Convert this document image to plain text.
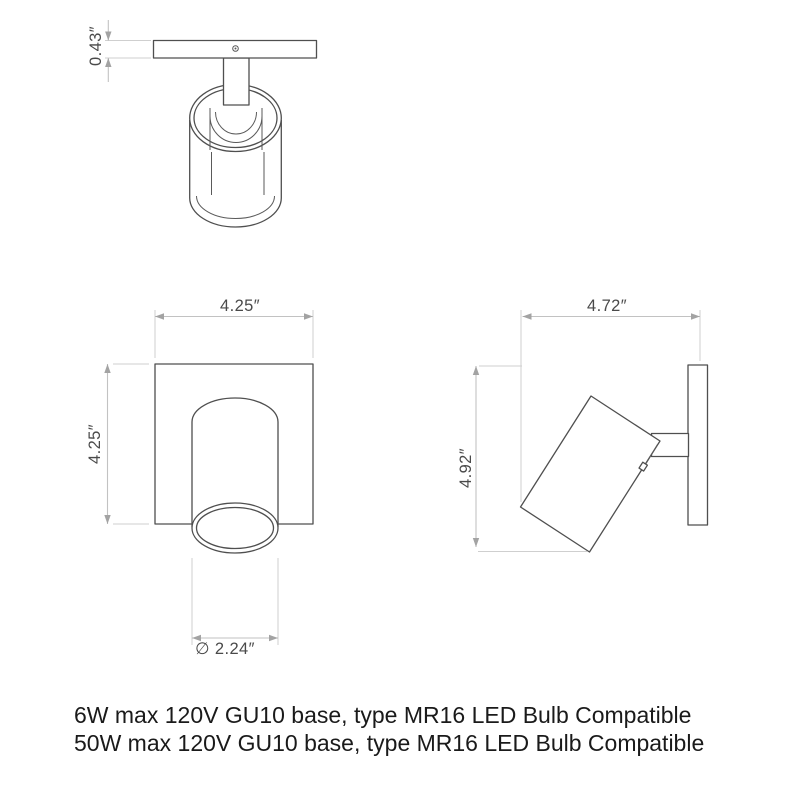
0.43″
4.25″
4.25″
∅ 2.24″
4.72″
4.92″
6W max 120V GU10 base, type MR16 LED Bulb Compatible
50W max 120V GU10 base, type MR16 LED Bulb Compatible
